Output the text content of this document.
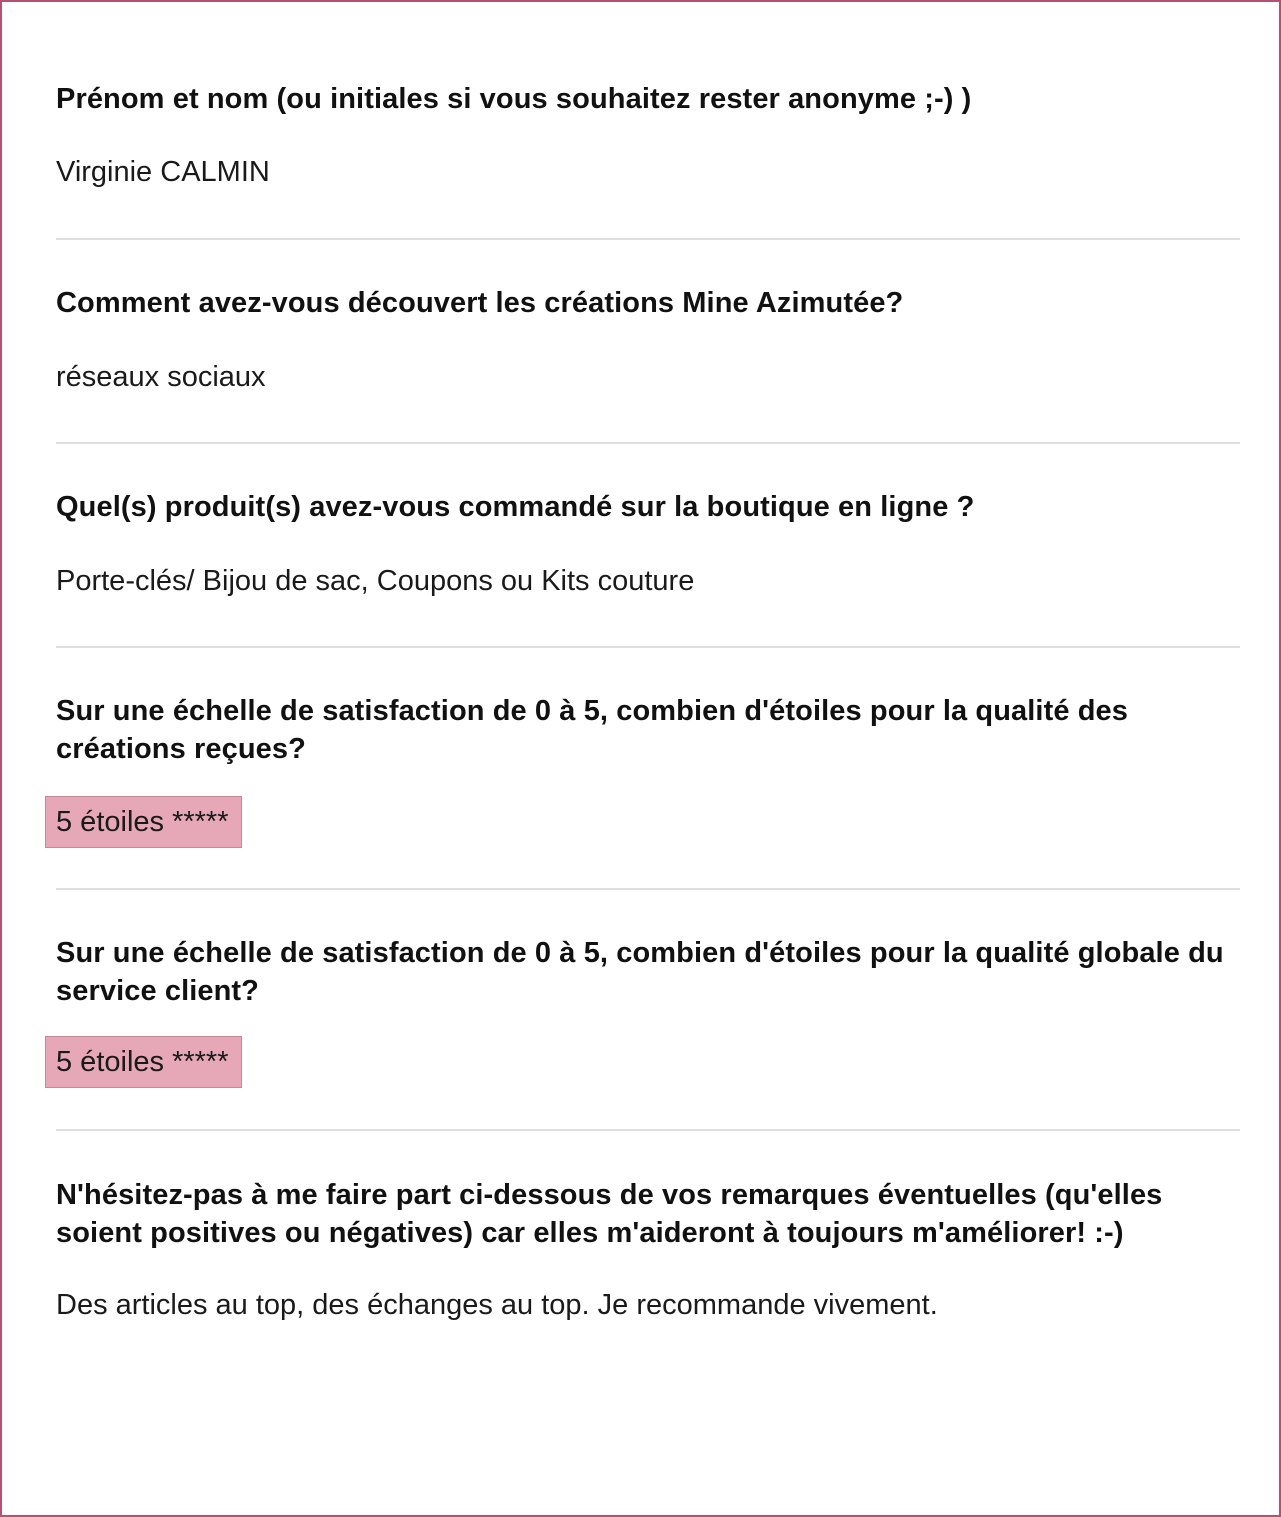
Prénom et nom (ou initiales si vous souhaitez rester anonyme ;-) )

Virginie CALMIN

Comment avez-vous découvert les créations Mine Azimutée?

réseaux sociaux

Quel(s) produit(s) avez-vous commandé sur la boutique en ligne ?

Porte-clés/ Bijou de sac, Coupons ou Kits couture

Sur une échelle de satisfaction de 0 à 5, combien d'étoiles pour la qualité des créations reçues?

5 étoiles *****

Sur une échelle de satisfaction de 0 à 5, combien d'étoiles pour la qualité globale du service client?

5 étoiles *****

N'hésitez-pas à me faire part ci-dessous de vos remarques éventuelles (qu'elles soient positives ou négatives) car elles m'aideront à toujours m'améliorer! :-)

Des articles au top, des échanges au top. Je recommande vivement.
